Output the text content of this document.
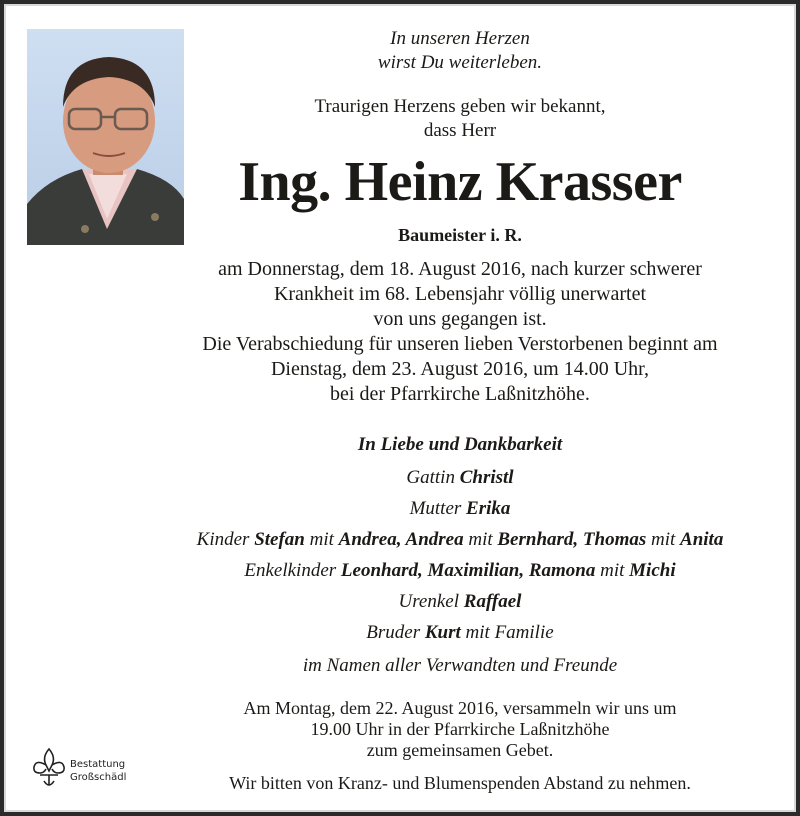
In unseren Herzen
wirst Du weiterleben.
Traurigen Herzens geben wir bekannt,
dass Herr
Ing. Heinz Krasser
Baumeister i. R.
am Donnerstag, dem 18. August 2016, nach kurzer schwerer
Krankheit im 68. Lebensjahr völlig unerwartet
von uns gegangen ist.
Die Verabschiedung für unseren lieben Verstorbenen beginnt am
Dienstag, dem 23. August 2016, um 14.00 Uhr,
bei der Pfarrkirche Laßnitzhöhe.
In Liebe und Dankbarkeit
Gattin Christl
Mutter Erika
Kinder Stefan mit Andrea, Andrea mit Bernhard, Thomas mit Anita
Enkelkinder Leonhard, Maximilian, Ramona mit Michi
Urenkel Raffael
Bruder Kurt mit Familie
im Namen aller Verwandten und Freunde
Am Montag, dem 22. August 2016, versammeln wir uns um
19.00 Uhr in der Pfarrkirche Laßnitzhöhe
zum gemeinsamen Gebet.
Wir bitten von Kranz- und Blumenspenden Abstand zu nehmen.
Bestattung
Großschädl
